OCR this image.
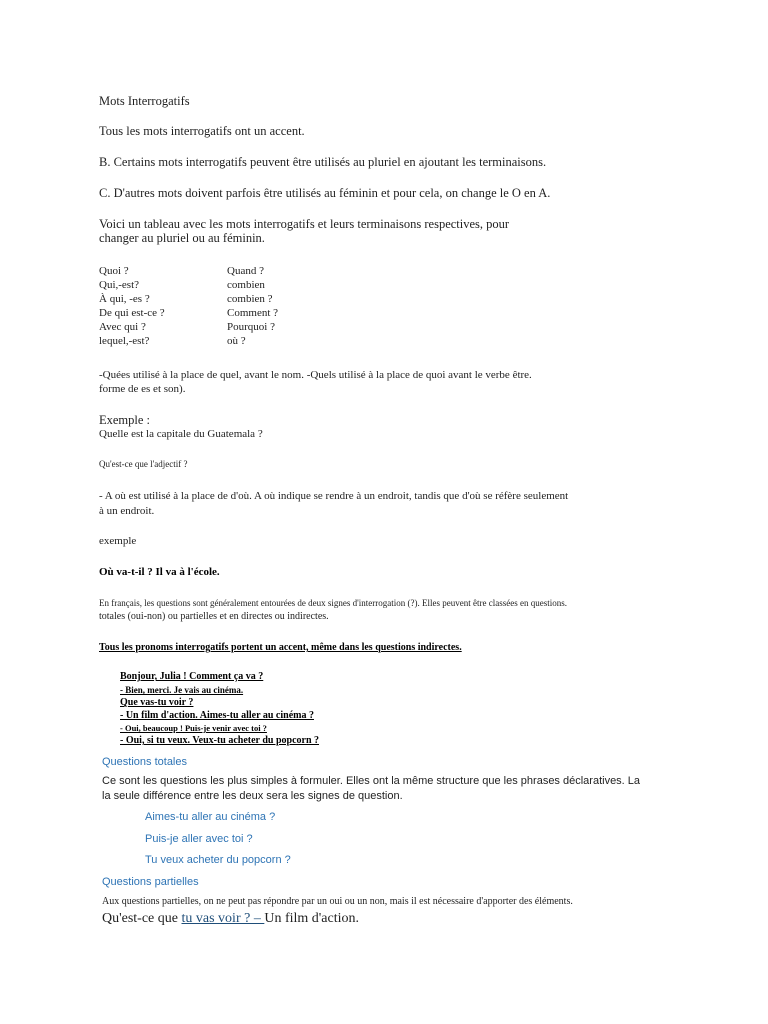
Mots Interrogatifs

Tous les mots interrogatifs ont un accent.

B. Certains mots interrogatifs peuvent être utilisés au pluriel en ajoutant les terminaisons.

C. D'autres mots doivent parfois être utilisés au féminin et pour cela, on change le O en A.

Voici un tableau avec les mots interrogatifs et leurs terminaisons respectives, pour

changer au pluriel ou au féminin.

Quoi ?

Qui,-est?

À qui, -es ?

De qui est-ce ?

Avec qui ?

lequel,-est?

Quand ?

combien

combien ?

Comment ?

Pourquoi ?

où ?

-Quées utilisé à la place de quel, avant le nom. -Quels utilisé à la place de quoi avant le verbe être.

forme de es et son).

Exemple :

Quelle est la capitale du Guatemala ?

Qu'est-ce que l'adjectif ?

- A où est utilisé à la place de d'où. A où indique se rendre à un endroit, tandis que d'où se réfère seulement

à un endroit.

exemple

Où va-t-il ? Il va à l'école.

En français, les questions sont généralement entourées de deux signes d'interrogation (?). Elles peuvent être classées en questions.

totales (oui-non) ou partielles et en directes ou indirectes.

Tous les pronoms interrogatifs portent un accent, même dans les questions indirectes.

Bonjour, Julia ! Comment ça va ?

- Bien, merci. Je vais au cinéma.

Que vas-tu voir ?

- Un film d'action. Aimes-tu aller au cinéma ?

- Oui, beaucoup ! Puis-je venir avec toi ?

- Oui, si tu veux. Veux-tu acheter du popcorn ?

Questions totales

Ce sont les questions les plus simples à formuler. Elles ont la même structure que les phrases déclaratives. La

la seule différence entre les deux sera les signes de question.

Aimes-tu aller au cinéma ?

Puis-je aller avec toi ?

Tu veux acheter du popcorn ?

Questions partielles

Aux questions partielles, on ne peut pas répondre par un oui ou un non, mais il est nécessaire d'apporter des éléments.

Qu'est-ce que tu vas voir ? – Un film d'action.
